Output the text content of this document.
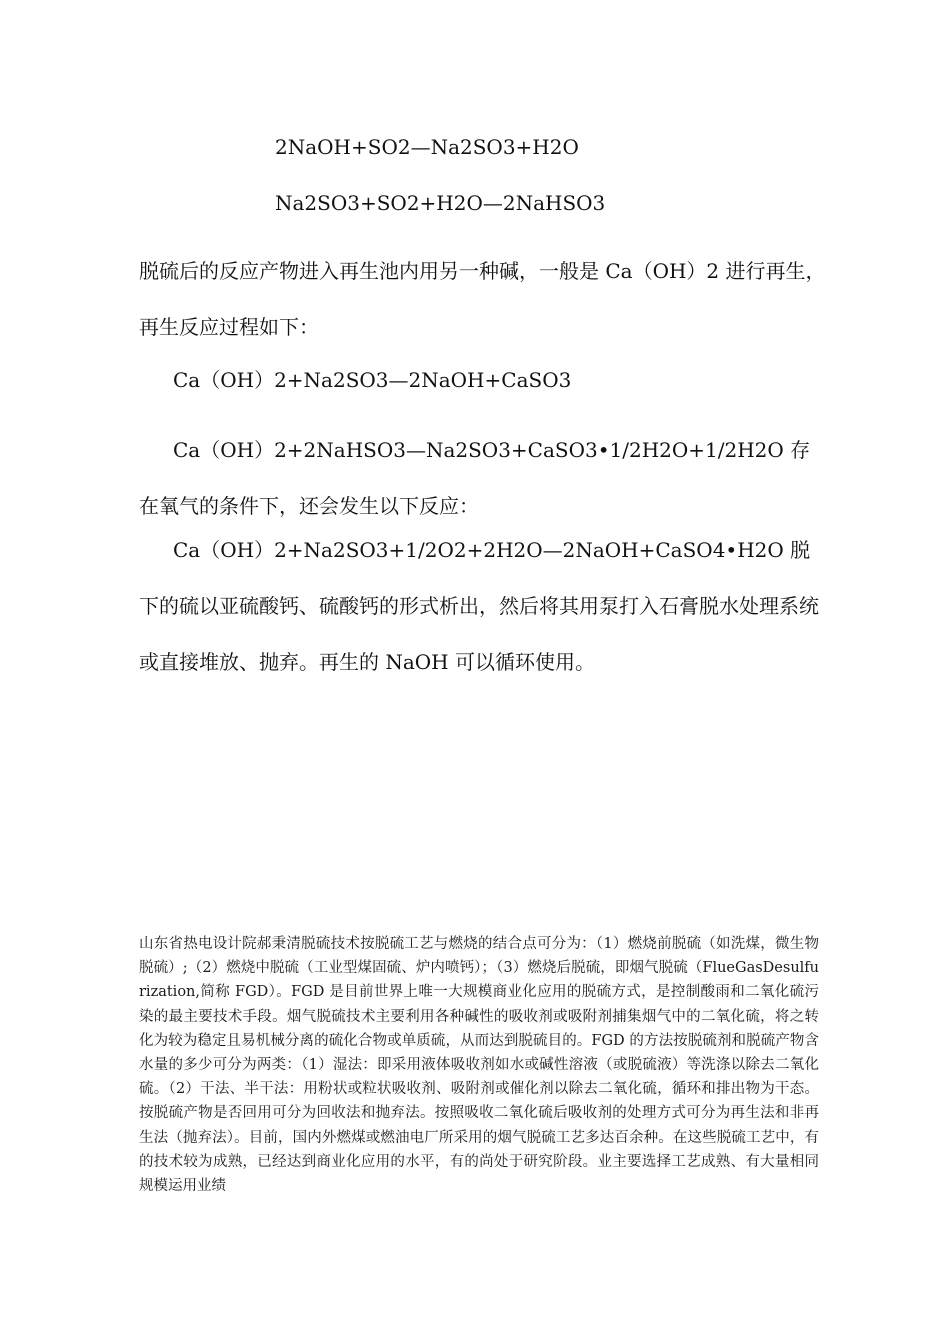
2NaOH+SO2—Na2SO3+H2O
Na2SO3+SO2+H2O—2NaHSO3
脱硫后的反应产物进入再生池内用另一种碱，一般是 Ca（OH）2 进行再生，再生反应过程如下：
Ca（OH）2+Na2SO3—2NaOH+CaSO3
Ca（OH）2+2NaHSO3—Na2SO3+CaSO3•1/2H2O+1/2H2O 存在氧气的条件下，还会发生以下反应：
Ca（OH）2+Na2SO3+1/2O2+2H2O—2NaOH+CaSO4•H2O 脱下的硫以亚硫酸钙、硫酸钙的形式析出，然后将其用泵打入石膏脱水处理系统或直接堆放、抛弃。再生的 NaOH 可以循环使用。
山东省热电设计院郝秉清脱硫技术按脱硫工艺与燃烧的结合点可分为：（1）燃烧前脱硫（如洗煤，微生物脱硫）;（2）燃烧中脱硫（工业型煤固硫、炉内喷钙）；（3）燃烧后脱硫，即烟气脱硫（FlueGasDesulfurization,简称 FGD）。FGD 是目前世界上唯一大规模商业化应用的脱硫方式，是控制酸雨和二氧化硫污染的最主要技术手段。烟气脱硫技术主要利用各种碱性的吸收剂或吸附剂捕集烟气中的二氧化硫，将之转化为较为稳定且易机械分离的硫化合物或单质硫，从而达到脱硫目的。FGD 的方法按脱硫剂和脱硫产物含水量的多少可分为两类：（1）湿法：即采用液体吸收剂如水或碱性溶液（或脱硫液）等洗涤以除去二氧化硫。（2）干法、半干法：用粉状或粒状吸收剂、吸附剂或催化剂以除去二氧化硫，循环和排出物为干态。按脱硫产物是否回用可分为回收法和抛弃法。按照吸收二氧化硫后吸收剂的处理方式可分为再生法和非再生法（抛弃法）。目前，国内外燃煤或燃油电厂所采用的烟气脱硫工艺多达百余种。在这些脱硫工艺中，有的技术较为成熟，已经达到商业化应用的水平，有的尚处于研究阶段。业主要选择工艺成熟、有大量相同规模运用业绩
